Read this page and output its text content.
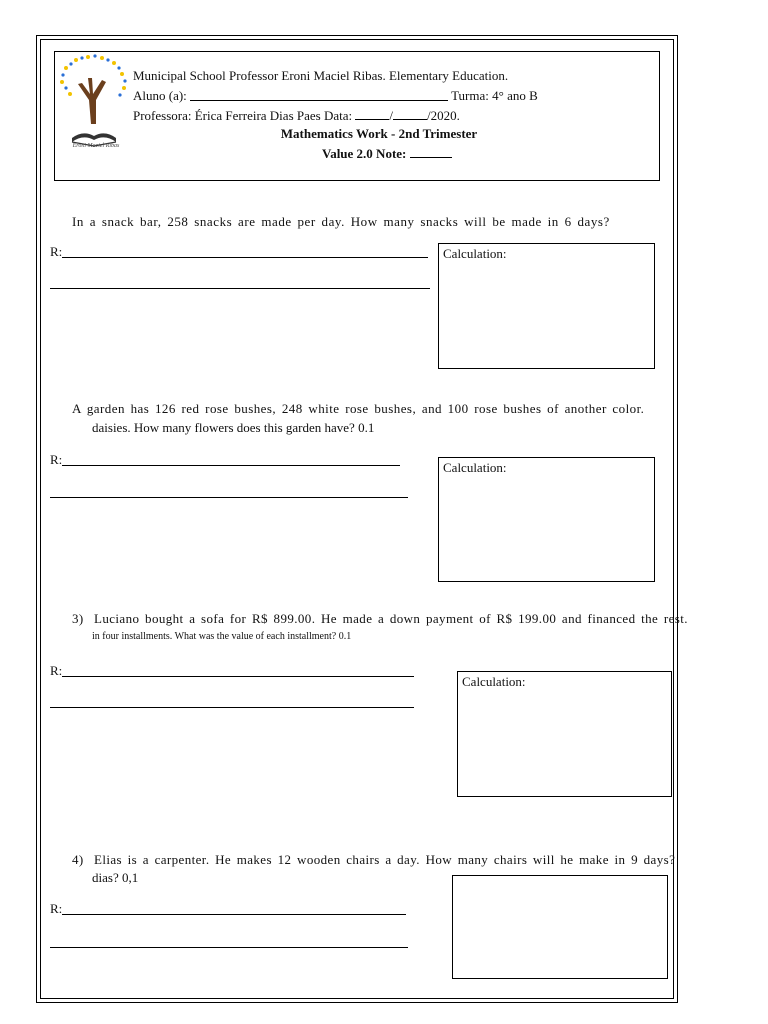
Eroni Maciel Ribas
Municipal School Professor Eroni Maciel Ribas. Elementary Education.
Aluno (a):	Turma: 4° ano B
Professora: Érica Ferreira Dias Paes Data:	/	/2020.
Mathematics Work - 2nd Trimester
Value 2.0 Note:
In a snack bar, 258 snacks are made per day. How many snacks will be made in 6 days?
R:	Calculation:
A garden has 126 red rose bushes, 248 white rose bushes, and 100 rose bushes of another color.
daisies. How many flowers does this garden have? 0.1
R:
Calculation:
3) Luciano bought a sofa for R$ 899.00. He made a down payment of R$ 199.00 and financed the rest.
in four installments. What was the value of each installment? 0.1
R:
Calculation:
4) Elias is a carpenter. He makes 12 wooden chairs a day. How many chairs will he make in 9 days?
dias? 0,1
R:
